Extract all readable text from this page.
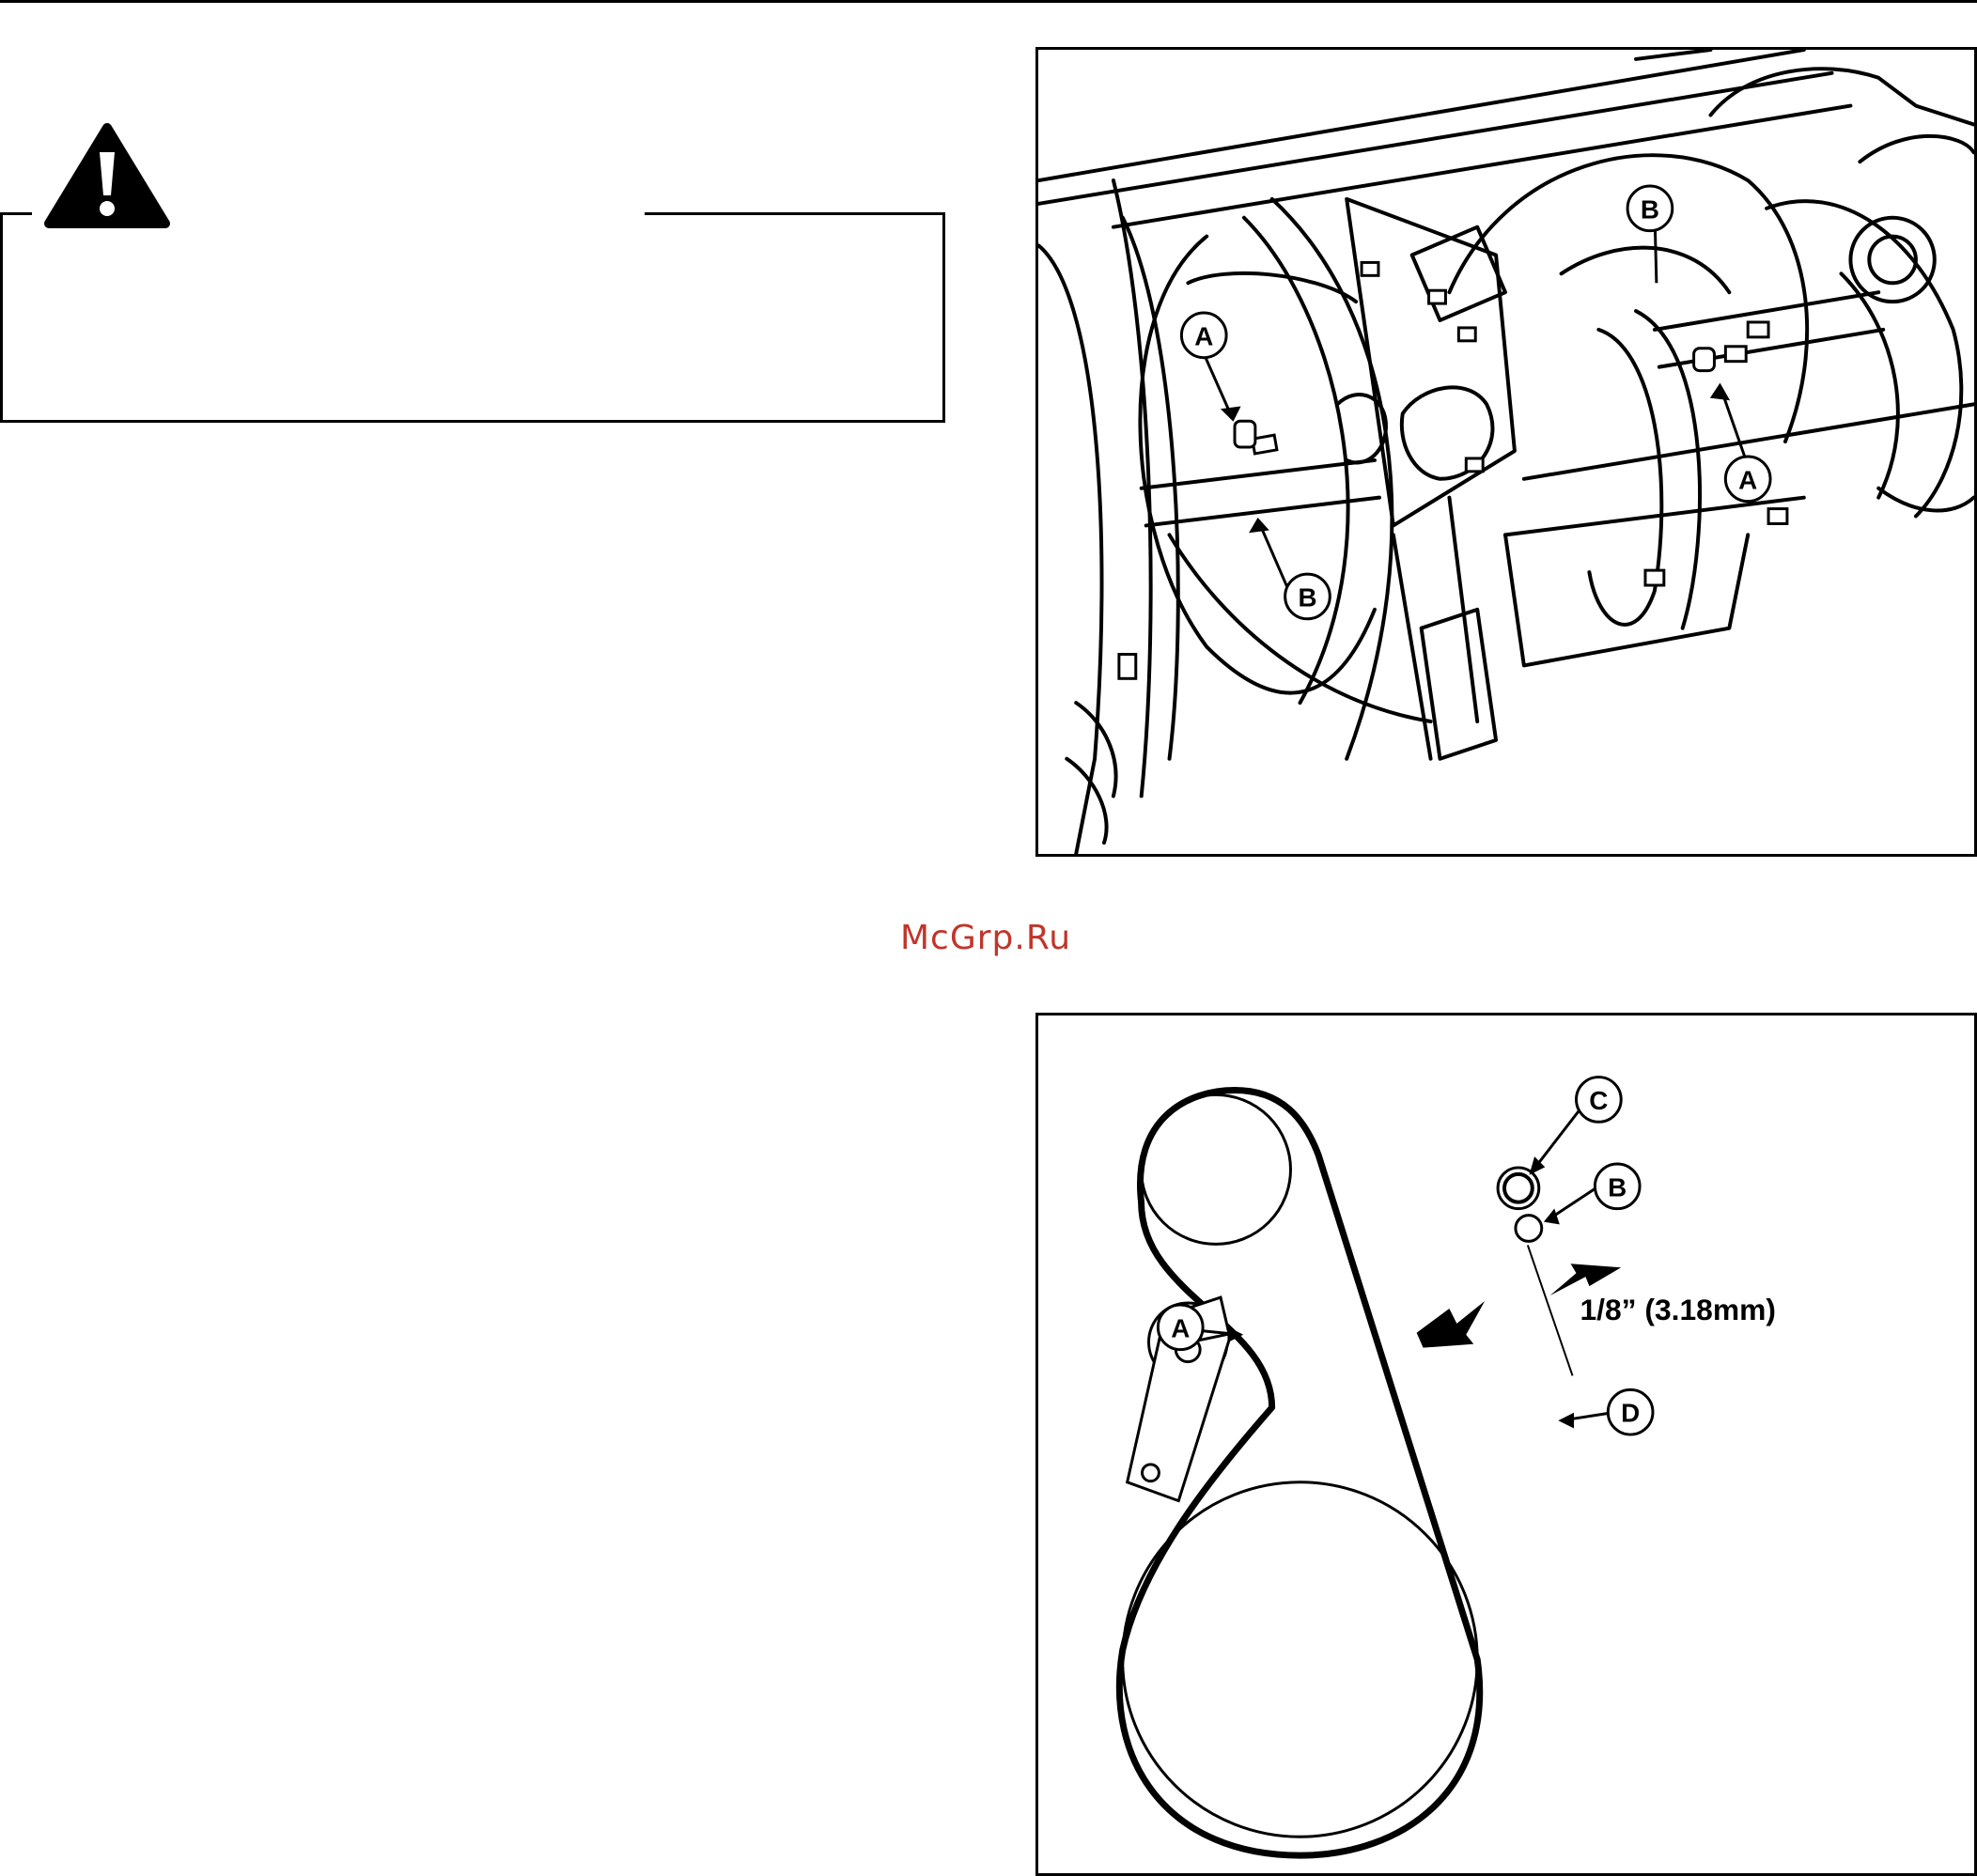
A
B
A
B
McGrp.Ru
C
B
A
D
1/8” (3.18mm)
